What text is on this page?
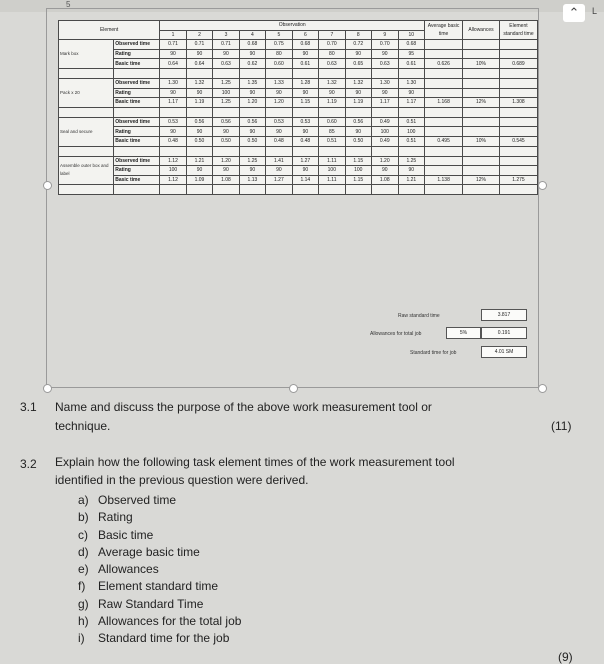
5
⌃	L
Element		Observation										Average basic time	Allowances	Element standard time
		1	2	3	4	5	6	7	8	9	10			
Mark box	Observed time	0.71	0.71	0.71	0.68	0.75	0.68	0.70	0.72	0.70	0.68			
	Rating	90	90	90	90	80	90	80	90	90	95			
	Basic time	0.64	0.64	0.63	0.62	0.60	0.61	0.63	0.65	0.63	0.61	0.626	10%	0.689

Pack x 20	Observed time	1.30	1.32	1.25	1.35	1.33	1.28	1.32	1.32	1.30	1.30			
	Rating	90	90	100	90	90	90	90	90	90	90			
	Basic time	1.17	1.19	1.25	1.20	1.20	1.15	1.19	1.19	1.17	1.17	1.168	12%	1.308

Seal and secure	Observed time	0.53	0.56	0.56	0.56	0.53	0.53	0.60	0.56	0.49	0.51			
	Rating	90	90	90	90	90	90	85	90	100	100			
	Basic time	0.48	0.50	0.50	0.50	0.48	0.48	0.51	0.50	0.49	0.51	0.495	10%	0.545

Assemble outer box and label	Observed time	1.12	1.21	1.20	1.25	1.41	1.27	1.11	1.15	1.20	1.25			
	Rating	100	90	90	90	90	90	100	100	90	90			
	Basic time	1.12	1.09	1.08	1.13	1.27	1.14	1.11	1.15	1.08	1.21	1.138	12%	1.275

Raw standard time	3.817
Allowances for total job	5%	0.191
Standard time for job	4.01 SM
3.1 Name and discuss the purpose of the above work measurement tool or
technique.	(11)
3.2 Explain how the following task element times of the work measurement tool
identified in the previous question were derived.
a) Observed time
b) Rating
c) Basic time
d) Average basic time
e) Allowances
f) Element standard time
g) Raw Standard Time
h) Allowances for the total job
i) Standard time for the job
(9)
